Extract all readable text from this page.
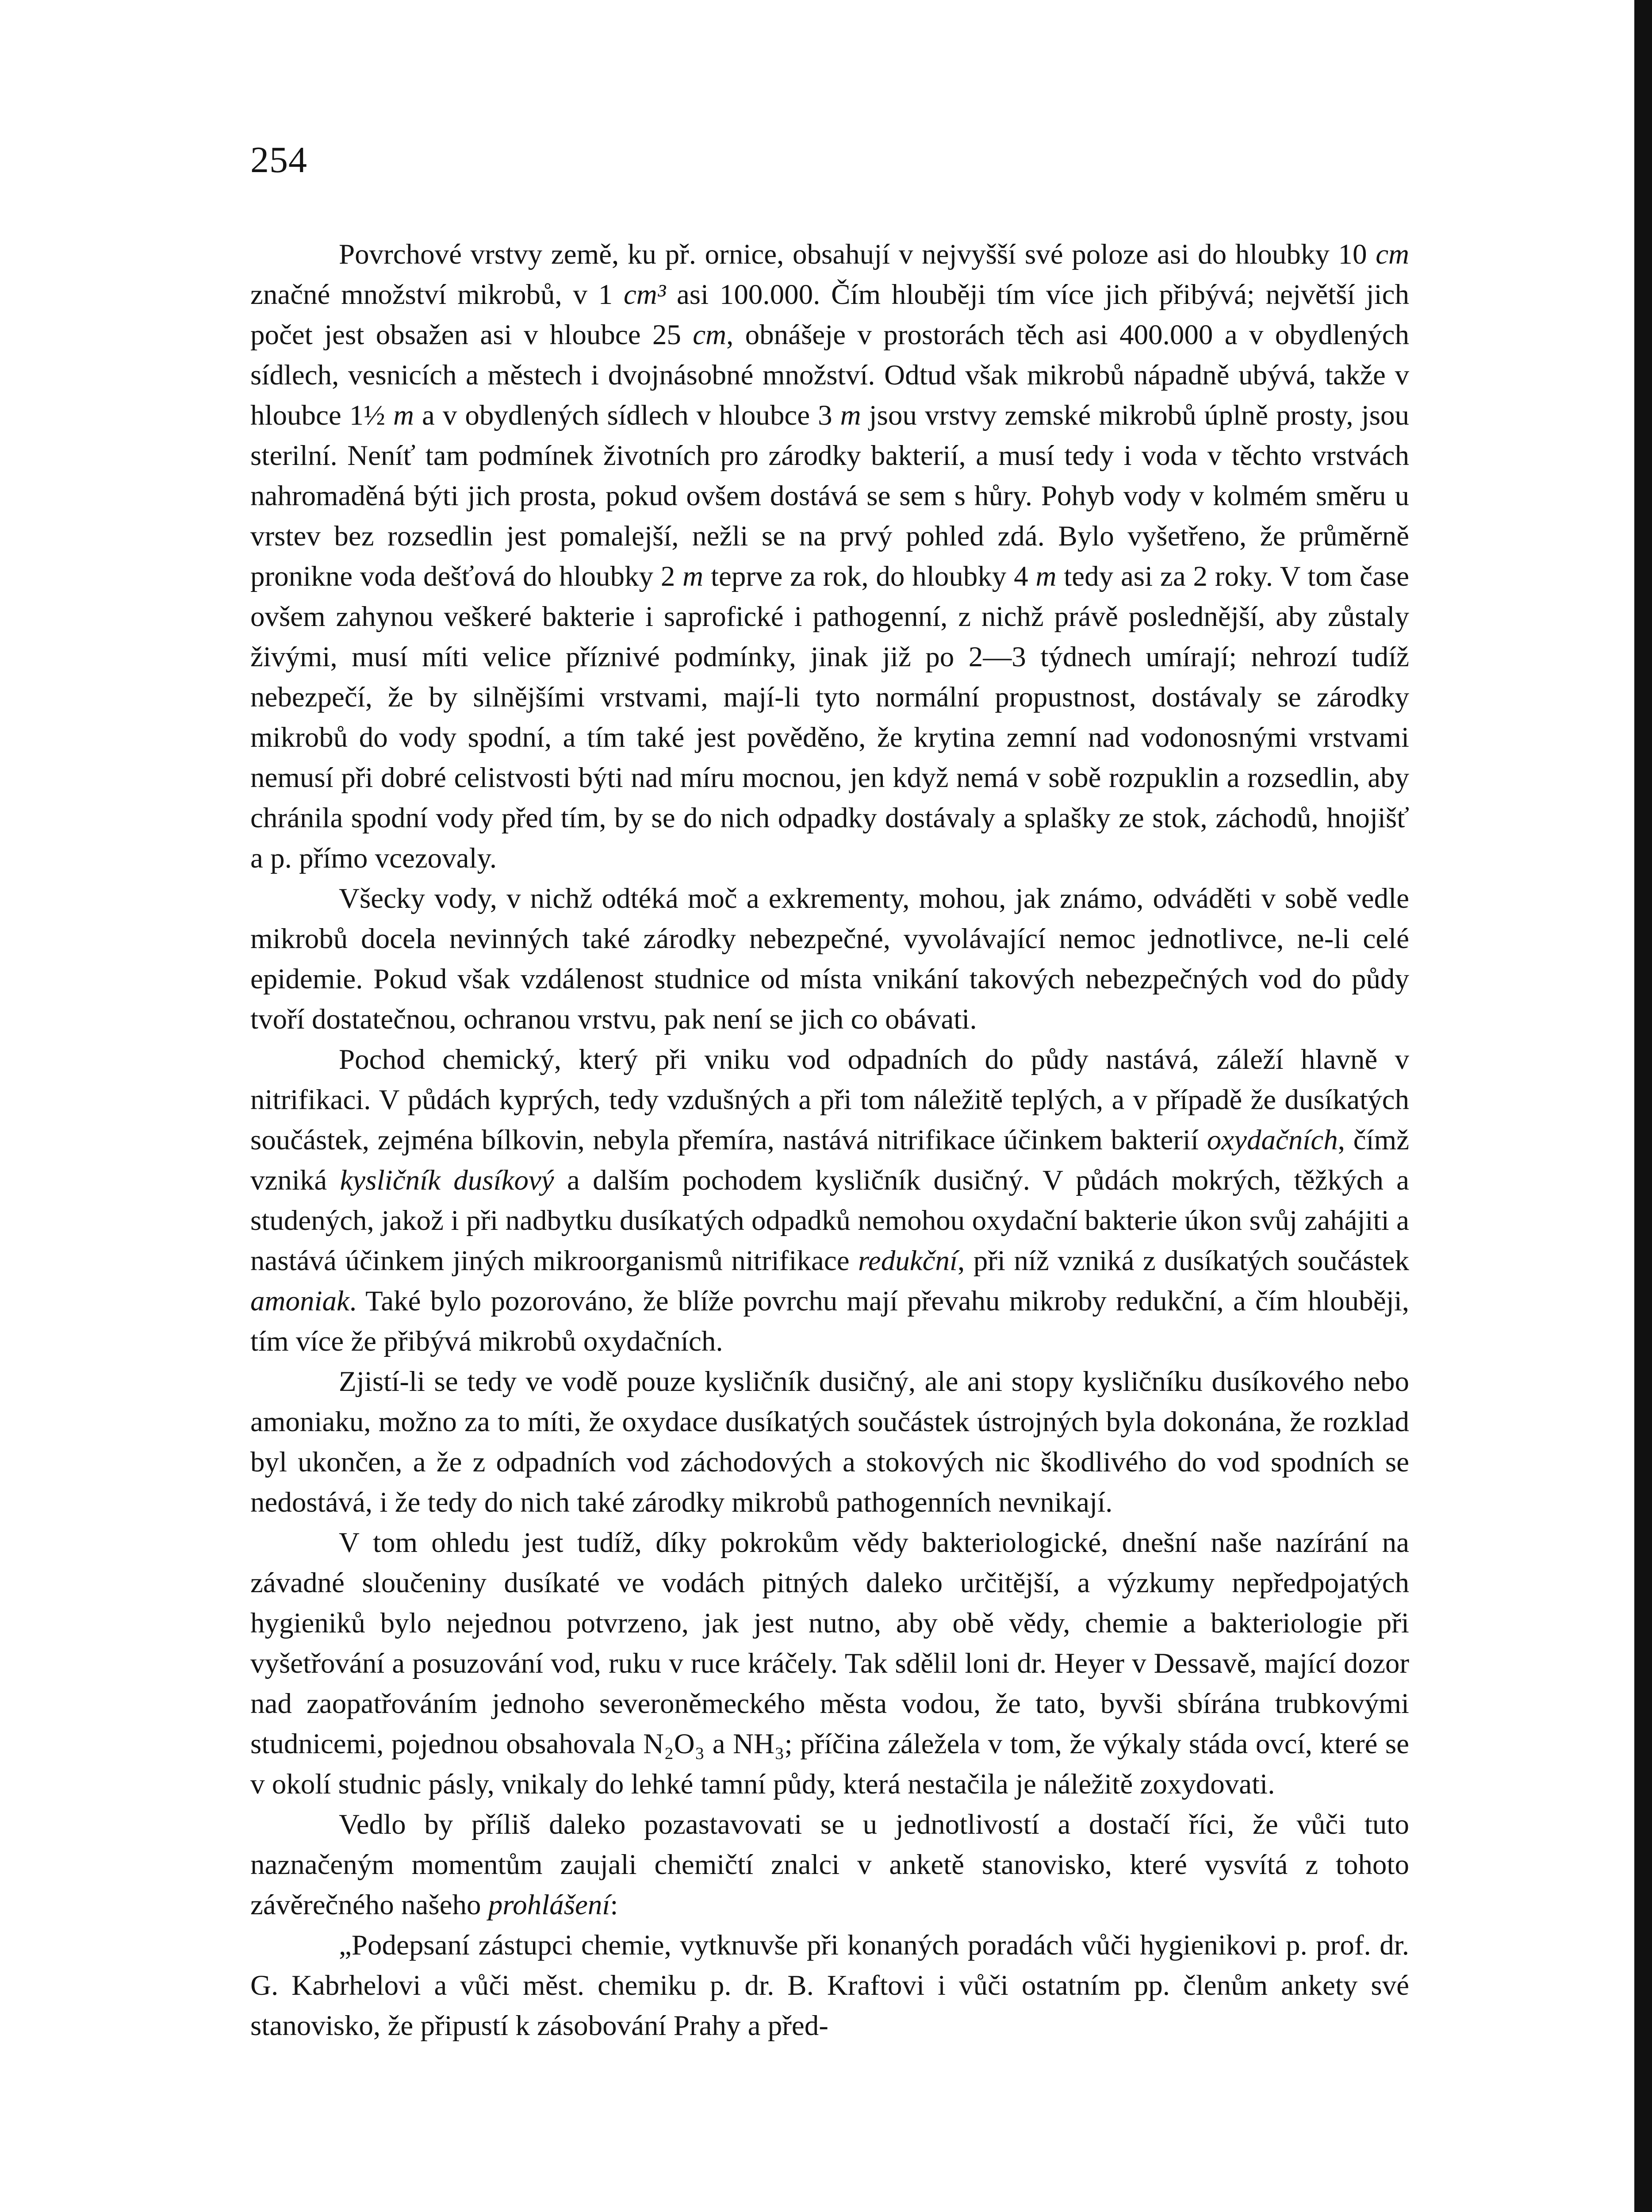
254

Povrchové vrstvy země, ku př. ornice, obsahují v nejvyšší své poloze asi do hloubky 10 cm značné množství mikrobů, v 1 cm³ asi 100.000. Čím hlouběji tím více jich přibývá; největší jich počet jest obsažen asi v hloubce 25 cm, obnášeje v prostorách těch asi 400.000 a v obydlených sídlech, vesnicích a městech i dvojnásobné množství. Odtud však mikrobů nápadně ubývá, takže v hloubce 1½ m a v obydlených sídlech v hloubce 3 m jsou vrstvy zemské mikrobů úplně prosty, jsou sterilní. Neníť tam podmínek životních pro zárodky bakterií, a musí tedy i voda v těchto vrstvách nahromaděná býti jich prosta, pokud ovšem dostává se sem s hůry. Pohyb vody v kolmém směru u vrstev bez rozsedlin jest pomalejší, nežli se na prvý pohled zdá. Bylo vyšetřeno, že průměrně pronikne voda dešťová do hloubky 2 m teprve za rok, do hloubky 4 m tedy asi za 2 roky. V tom čase ovšem zahynou veškeré bakterie i saprofické i pathogenní, z nichž právě poslednější, aby zůstaly živými, musí míti velice příznivé podmínky, jinak již po 2—3 týdnech umírají; nehrozí tudíž nebezpečí, že by silnějšími vrstvami, mají-li tyto normální propustnost, dostávaly se zárodky mikrobů do vody spodní, a tím také jest pověděno, že krytina zemní nad vodonosnými vrstvami nemusí při dobré celistvosti býti nad míru mocnou, jen když nemá v sobě rozpuklin a rozsedlin, aby chránila spodní vody před tím, by se do nich odpadky dostávaly a splašky ze stok, záchodů, hnojišť a p. přímo vcezovaly.

Všecky vody, v nichž odtéká moč a exkrementy, mohou, jak známo, odváděti v sobě vedle mikrobů docela nevinných také zárodky nebezpečné, vyvolávající nemoc jednotlivce, ne-li celé epidemie. Pokud však vzdálenost studnice od místa vnikání takových nebezpečných vod do půdy tvoří dostatečnou, ochranou vrstvu, pak není se jich co obávati.

Pochod chemický, který při vniku vod odpadních do půdy nastává, záleží hlavně v nitrifikaci. V půdách kyprých, tedy vzdušných a při tom náležitě teplých, a v případě že dusíkatých součástek, zejména bílkovin, nebyla přemíra, nastává nitrifikace účinkem bakterií oxydačních, čímž vzniká kysličník dusíkový a dalším pochodem kysličník dusičný. V půdách mokrých, těžkých a studených, jakož i při nadbytku dusíkatých odpadků nemohou oxydační bakterie úkon svůj zahájiti a nastává účinkem jiných mikroorganismů nitrifikace redukční, při níž vzniká z dusíkatých součástek amoniak. Také bylo pozorováno, že blíže povrchu mají převahu mikroby redukční, a čím hlouběji, tím více že přibývá mikrobů oxydačních.

Zjistí-li se tedy ve vodě pouze kysličník dusičný, ale ani stopy kysličníku dusíkového nebo amoniaku, možno za to míti, že oxydace dusíkatých součástek ústrojných byla dokonána, že rozklad byl ukončen, a že z odpadních vod záchodových a stokových nic škodlivého do vod spodních se nedostává, i že tedy do nich také zárodky mikrobů pathogenních nevnikají.

V tom ohledu jest tudíž, díky pokrokům vědy bakteriologické, dnešní naše nazírání na závadné sloučeniny dusíkaté ve vodách pitných daleko určitější, a výzkumy nepředpojatých hygieniků bylo nejednou potvrzeno, jak jest nutno, aby obě vědy, chemie a bakteriologie při vyšetřování a posuzování vod, ruku v ruce kráčely. Tak sdělil loni dr. Heyer v Dessavě, mající dozor nad zaopatřováním jednoho severoněmeckého města vodou, že tato, byvši sbírána trubkovými studnicemi, pojednou obsahovala N₂O₃ a NH₃; příčina záležela v tom, že výkaly stáda ovcí, které se v okolí studnic pásly, vnikaly do lehké tamní půdy, která nestačila je náležitě zoxydovati.

Vedlo by příliš daleko pozastavovati se u jednotlivostí a dostačí říci, že vůči tuto naznačeným momentům zaujali chemičtí znalci v anketě stanovisko, které vysvítá z tohoto závěrečného našeho prohlášení:

„Podepsaní zástupci chemie, vytknuvše při konaných poradách vůči hygienikovi p. prof. dr. G. Kabrhelovi a vůči měst. chemiku p. dr. B. Kraftovi i vůči ostatním pp. členům ankety své stanovisko, že připustí k zásobování Prahy a před-
